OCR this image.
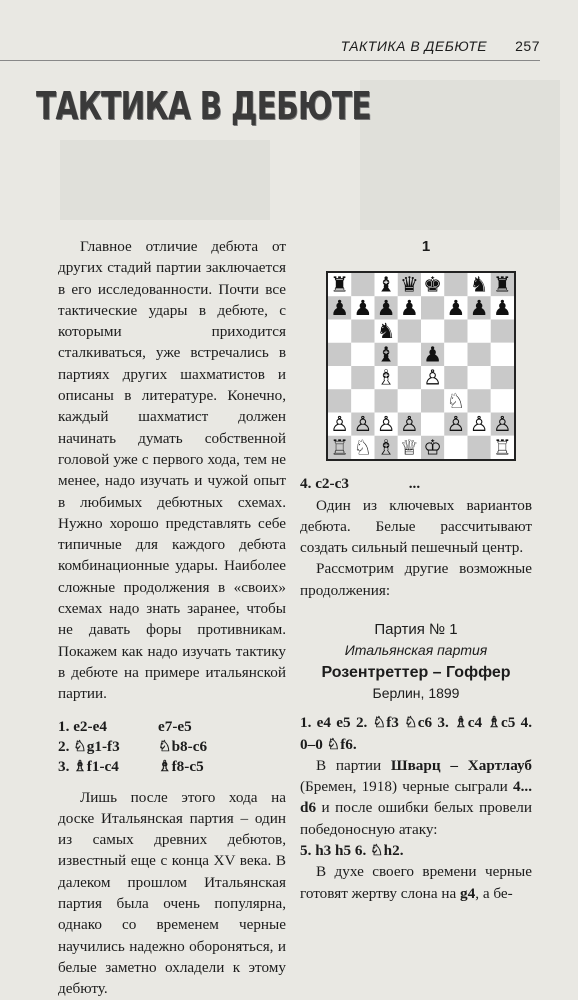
ТАКТИКА В ДЕБЮТЕ 257
ТАКТИКА В ДЕБЮТЕ

Главное отличие дебюта от других стадий партии заключается в его исследованности. Почти все тактические удары в дебюте, с которыми приходится сталкиваться, уже встречались в партиях других шахматистов и описаны в литературе. Конечно, каждый шахматист должен начинать думать собственной головой уже с первого хода, тем не менее, надо изучать и чужой опыт в любимых дебютных схемах. Нужно хорошо представлять себе типичные для каждого дебюта комбинационные удары. Наиболее сложные продолжения в «своих» схемах надо знать заранее, чтобы не давать форы противникам. Покажем как надо изучать тактику в дебюте на примере итальянской партии.

1. e2-e4	e7-e5
2. ♘g1-f3	♘b8-c6
3. ♗f1-c4	♗f8-c5

Лишь после этого хода на доске Итальянская партия – один из самых древних дебютов, известный еще с конца XV века. В далеком прошлом Итальянская партия была очень популярна, однако со временем черные научились надежно обороняться, и белые заметно охладели к этому дебюту.

1
♜ ♝ ♛ ♚ ♞ ♜
♟ ♟ ♟ ♟ ♟ ♟ ♟
♞
♝ ♟
♗ ♙
♘
♙ ♙ ♙ ♙ ♙ ♙ ♙
♖ ♘ ♗ ♕ ♔ ♖

4. c2-c3	...

Один из ключевых вариантов дебюта. Белые рассчитывают создать сильный пешечный центр.

Рассмотрим другие возможные продолжения:

Партия № 1
Итальянская партия
Розентреттер – Гоффер
Берлин, 1899

1. e4 e5 2. ♘f3 ♘c6 3. ♗c4 ♗c5 4. 0–0 ♘f6.

В партии Шварц – Хартлауб (Бремен, 1918) черные сыграли 4... d6 и после ошибки белых провели победоносную атаку:

5. h3 h5 6. ♘h2.

В духе своего времени черные готовят жертву слона на g4, а бе-
